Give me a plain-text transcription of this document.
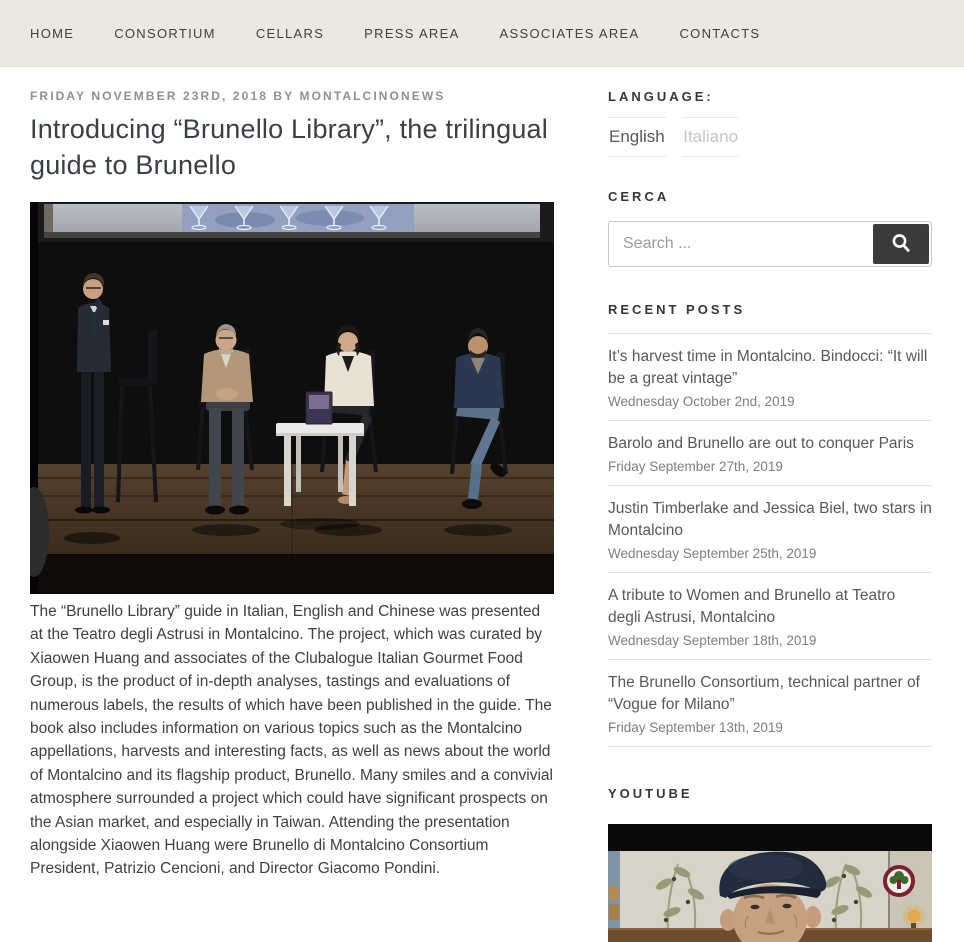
HOME	CONSORTIUM	CELLARS	PRESS AREA	ASSOCIATES AREA	CONTACTS
FRIDAY NOVEMBER 23RD, 2018 BY MONTALCINONEWS
Introducing “Brunello Library”, the trilingual guide to Brunello

The “Brunello Library” guide in Italian, English and Chinese was presented at the Teatro degli Astrusi in Montalcino. The project, which was curated by Xiaowen Huang and associates of the Clubalogue Italian Gourmet Food Group, is the product of in-depth analyses, tastings and evaluations of numerous labels, the results of which have been published in the guide. The book also includes information on various topics such as the Montalcino appellations, harvests and interesting facts, as well as news about the world of Montalcino and its flagship product, Brunello. Many smiles and a convivial atmosphere surrounded a project which could have significant prospects on the Asian market, and especially in Taiwan. Attending the presentation alongside Xiaowen Huang were Brunello di Montalcino Consortium President, Patrizio Cencioni, and Director Giacomo Pondini.

LANGUAGE:
English Italiano
CERCA
Search ...
RECENT POSTS
It’s harvest time in Montalcino. Bindocci: “It will be a great vintage”
Wednesday October 2nd, 2019
Barolo and Brunello are out to conquer Paris
Friday September 27th, 2019
Justin Timberlake and Jessica Biel, two stars in Montalcino
Wednesday September 25th, 2019
A tribute to Women and Brunello at Teatro degli Astrusi, Montalcino
Wednesday September 18th, 2019
The Brunello Consortium, technical partner of “Vogue for Milano”
Friday September 13th, 2019
YOUTUBE
